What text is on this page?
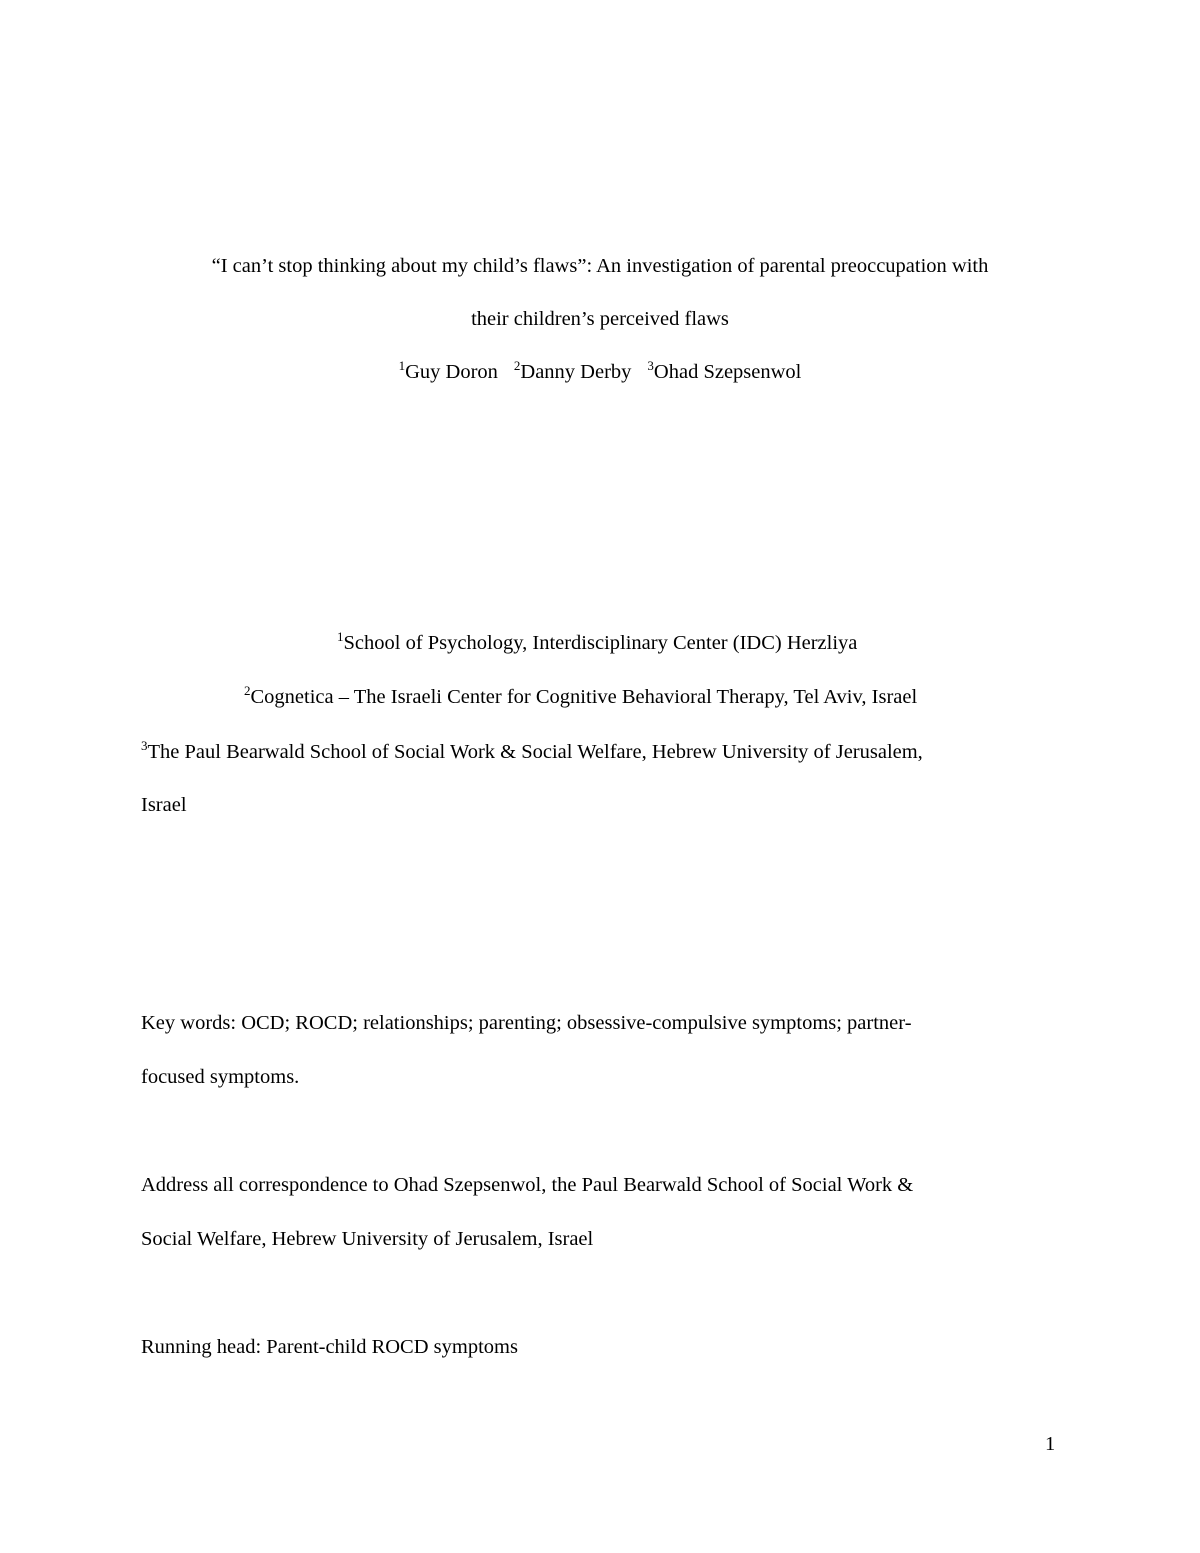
“I can’t stop thinking about my child’s flaws”: An investigation of parental preoccupation with
their children’s perceived flaws
$^1$Guy Doron $^2$Danny Derby $^3$Ohad Szepsenwol
$^1$School of Psychology, Interdisciplinary Center (IDC) Herzliya
$^2$Cognetica – The Israeli Center for Cognitive Behavioral Therapy, Tel Aviv, Israel
$^3$The Paul Bearwald School of Social Work & Social Welfare, Hebrew University of Jerusalem,
Israel
Key words: OCD; ROCD; relationships; parenting; obsessive-compulsive symptoms; partner-
focused symptoms.
Address all correspondence to Ohad Szepsenwol, the Paul Bearwald School of Social Work &
Social Welfare, Hebrew University of Jerusalem, Israel
Running head: Parent-child ROCD symptoms
1
